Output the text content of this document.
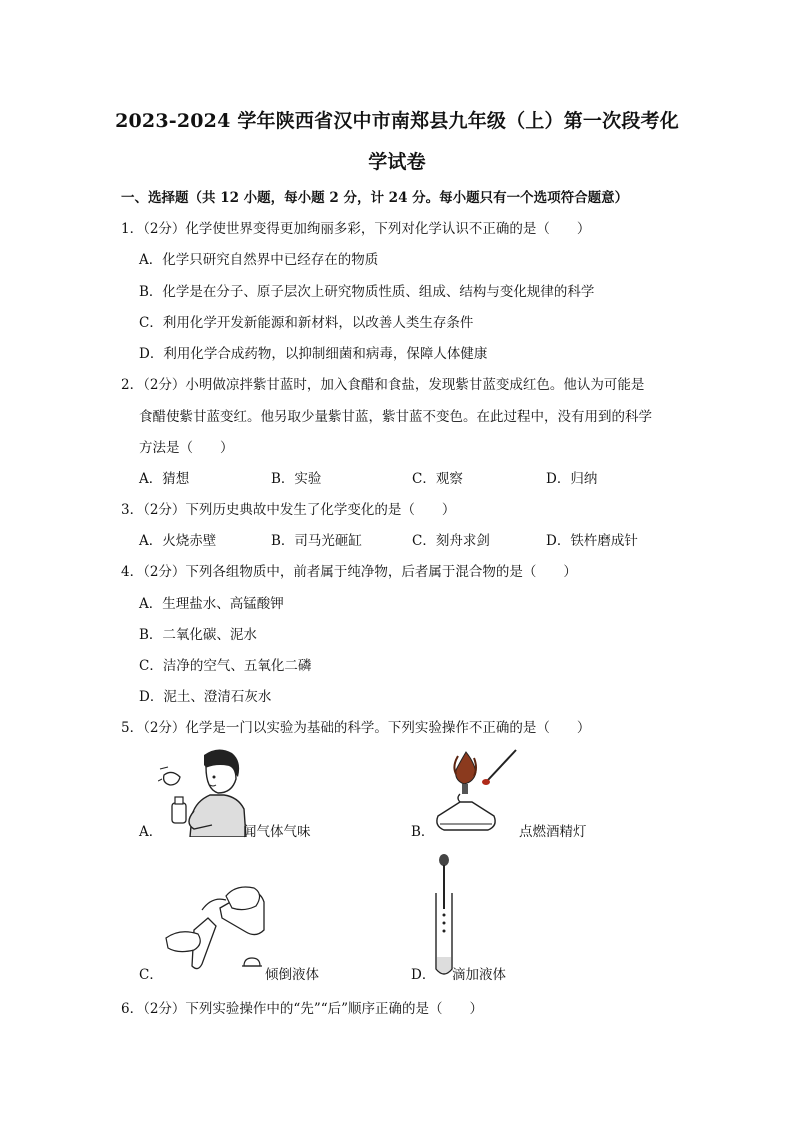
2023-2024 学年陕西省汉中市南郑县九年级（上）第一次段考化
学试卷
一、选择题（共 12 小题，每小题 2 分，计 24 分。每小题只有一个选项符合题意）
1．（2分）化学使世界变得更加绚丽多彩，下列对化学认识不正确的是（　　）
A．化学只研究自然界中已经存在的物质
B．化学是在分子、原子层次上研究物质性质、组成、结构与变化规律的科学
C．利用化学开发新能源和新材料，以改善人类生存条件
D．利用化学合成药物，以抑制细菌和病毒，保障人体健康
2．（2分）小明做凉拌紫甘蓝时，加入食醋和食盐，发现紫甘蓝变成红色。他认为可能是
食醋使紫甘蓝变红。他另取少量紫甘蓝，紫甘蓝不变色。在此过程中，没有用到的科学
方法是（　　）
A．猜想	B．实验	C．观察	D．归纳
3．（2分）下列历史典故中发生了化学变化的是（　　）
A．火烧赤壁	B．司马光砸缸	C．刻舟求剑	D．铁杵磨成针
4．（2分）下列各组物质中，前者属于纯净物，后者属于混合物的是（　　）
A．生理盐水、高锰酸钾
B．二氧化碳、泥水
C．洁净的空气、五氧化二磷
D．泥土、澄清石灰水
5．（2分）化学是一门以实验为基础的科学。下列实验操作不正确的是（　　）
A．	闻气体气味	B．	点燃酒精灯
C．	倾倒液体	D． 滴加液体
6．（2分）下列实验操作中的“先”“后”顺序正确的是（　　）
